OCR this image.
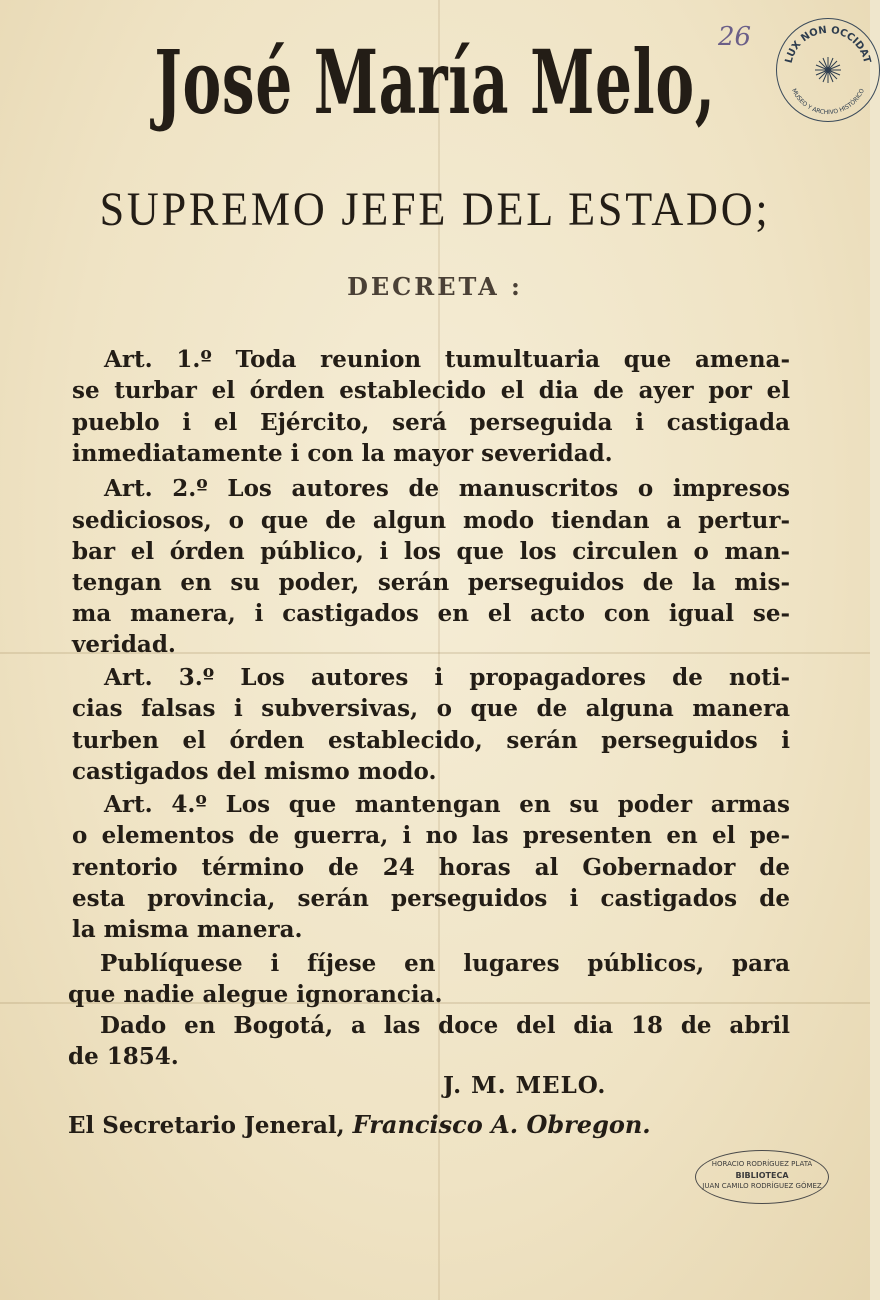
26
LUX NON OCCIDAT
MUSEO Y ARCHIVO HISTÓRICO
José María Melo,
SUPREMO JEFE DEL ESTADO;
DECRETA :
Art. 1.º Toda reunion tumultuaria que amena-
se turbar el órden establecido el dia de ayer por el
pueblo i el Ejército, será perseguida i castigada
inmediatamente i con la mayor severidad.
Art. 2.º Los autores de manuscritos o impresos
sediciosos, o que de algun modo tiendan a pertur-
bar el órden público, i los que los circulen o man-
tengan en su poder, serán perseguidos de la mis-
ma manera, i castigados en el acto con igual se-
veridad.
Art. 3.º Los autores i propagadores de noti-
cias falsas i subversivas, o que de alguna manera
turben el órden establecido, serán perseguidos i
castigados del mismo modo.
Art. 4.º Los que mantengan en su poder armas
o elementos de guerra, i no las presenten en el pe-
rentorio término de 24 horas al Gobernador de
esta provincia, serán perseguidos i castigados de
la misma manera.
Publíquese i fíjese en lugares públicos, para
que nadie alegue ignorancia.
Dado en Bogotá, a las doce del dia 18 de abril
de 1854.
J. M. MELO.
El Secretario Jeneral, Francisco A. Obregon.
HORACIO RODRÍGUEZ PLATA
BIBLIOTECA
JUAN CAMILO RODRÍGUEZ GÓMEZ
